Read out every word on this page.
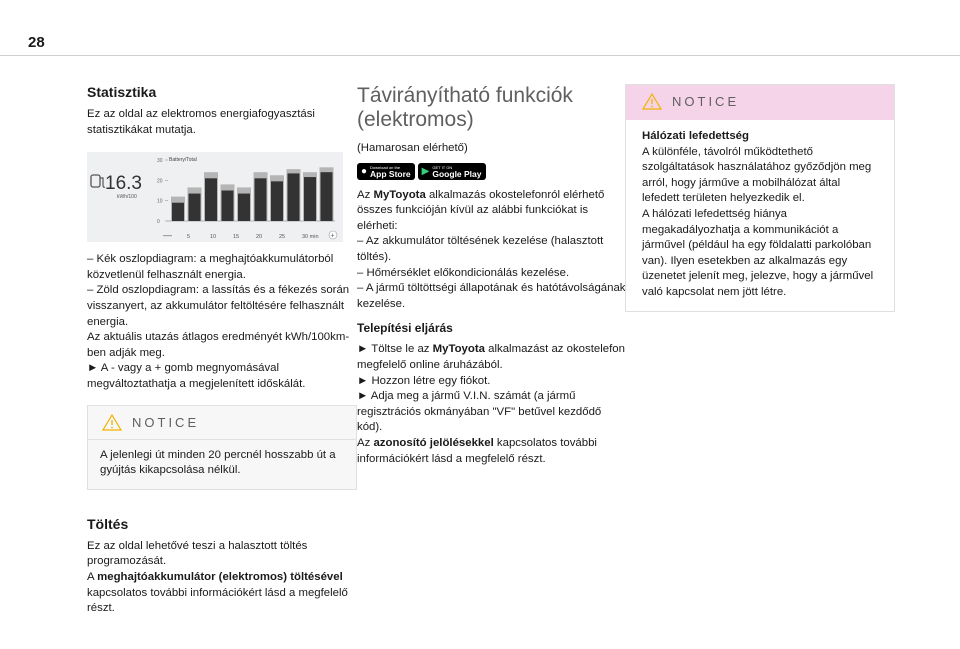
28
Statisztika

Ez az oldal az elektromos energiafogyasztási statisztikákat mutatja.

16.3
kWh/100
30
20
10
0
Battery/Total
—	5	10	15	20	25	30 min +

– Kék oszlopdiagram: a meghajtóakkumulátorból közvetlenül felhasznált energia.

– Zöld oszlopdiagram: a lassítás és a fékezés során visszanyert, az akkumulátor feltöltésére felhasznált energia.

Az aktuális utazás átlagos eredményét kWh/100km-ben adják meg.

► A - vagy a + gomb megnyomásával megváltoztathatja a megjelenített időskálát.

NOTICE

A jelenlegi út minden 20 percnél hosszabb út a gyújtás kikapcsolása nélkül.

Töltés

Ez az oldal lehetővé teszi a halasztott töltés programozását.

A meghajtóakkumulátor (elektromos) töltésével kapcsolatos további információkért lásd a megfelelő részt.

Távirányítható funkciók (elektromos)

(Hamarosan elérhető)

● Download on the
App Store ▶ GET IT ON
Google Play

Az MyToyota alkalmazás okostelefonról elérhető összes funkcióján kívül az alábbi funkciókat is elérheti:

– Az akkumulátor töltésének kezelése (halasztott töltés).

– Hőmérséklet előkondicionálás kezelése.

– A jármű töltöttségi állapotának és hatótávolságának kezelése.

Telepítési eljárás

► Töltse le az MyToyota alkalmazást az okostelefon megfelelő online áruházából.

► Hozzon létre egy fiókot.

► Adja meg a jármű V.I.N. számát (a jármű regisztrációs okmányában "VF" betűvel kezdődő kód).

Az azonosító jelölésekkel kapcsolatos további információkért lásd a megfelelő részt.

NOTICE

Hálózati lefedettség

A különféle, távolról működtethető szolgáltatások használatához győződjön meg arról, hogy járműve a mobilhálózat által lefedett területen helyezkedik el.
A hálózati lefedettség hiánya megakadályozhatja a kommunikációt a járművel (például ha egy földalatti parkolóban van). Ilyen esetekben az alkalmazás egy üzenetet jelenít meg, jelezve, hogy a járművel való kapcsolat nem jött létre.
